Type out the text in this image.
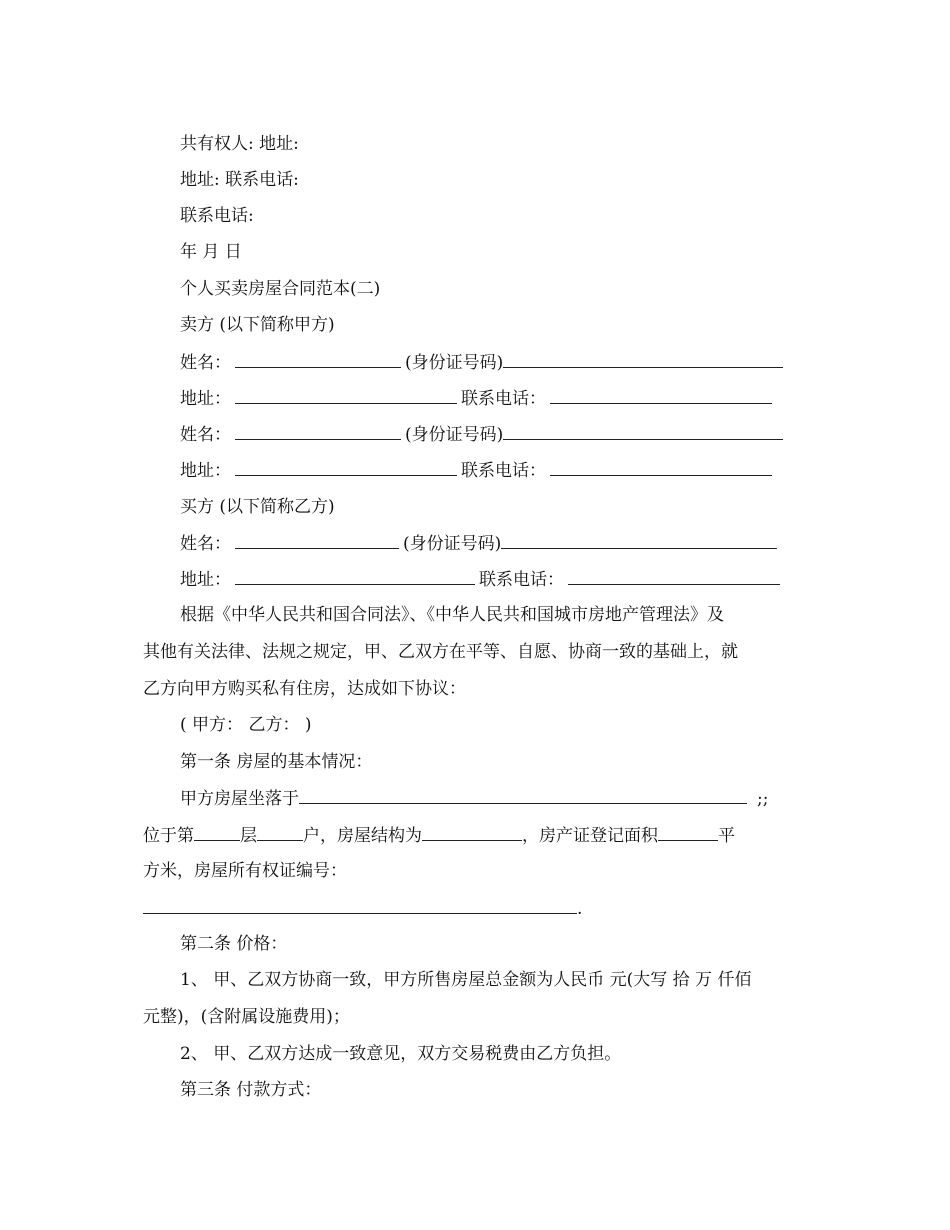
共有权人: 地址:
地址: 联系电话:
联系电话:
年 月 日
个人买卖房屋合同范本(二)
卖方 (以下简称甲方)
姓名：	(身份证号码)
地址：	联系电话：
姓名：	(身份证号码)
地址：	联系电话：
买方 (以下简称乙方)
姓名：	(身份证号码)
地址：	联系电话：
根据《中华人民共和国合同法》、《中华人民共和国城市房地产管理法》及
其他有关法律、法规之规定，甲、乙双方在平等、自愿、协商一致的基础上，就
乙方向甲方购买私有住房，达成如下协议：
( 甲方： 乙方： )
第一条 房屋的基本情况：
甲方房屋坐落于	;;
位于第	层	户，房屋结构为	，房产证登记面积	平
方米，房屋所有权证编号：
.
第二条 价格：
1、 甲、乙双方协商一致，甲方所售房屋总金额为人民币 元(大写 拾 万 仟佰
元整)，(含附属设施费用)；
2、 甲、乙双方达成一致意见，双方交易税费由乙方负担。
第三条 付款方式：
